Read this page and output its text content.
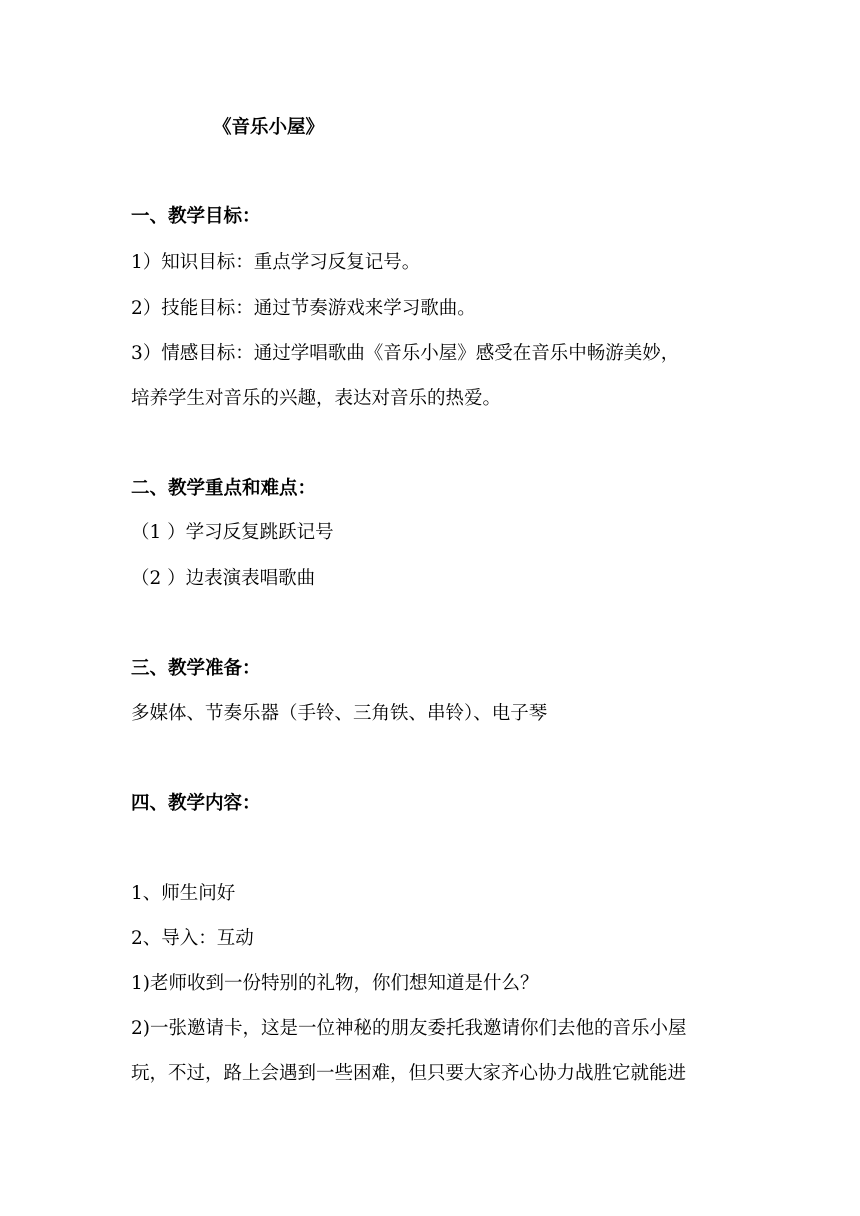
《音乐小屋》
一、教学目标：
1）知识目标：重点学习反复记号。
2）技能目标：通过节奏游戏来学习歌曲。
3）情感目标：通过学唱歌曲《音乐小屋》感受在音乐中畅游美妙，
培养学生对音乐的兴趣，表达对音乐的热爱。
二、教学重点和难点：
（1 ）学习反复跳跃记号
（2 ）边表演表唱歌曲
三、教学准备：
多媒体、节奏乐器（手铃、三角铁、串铃）、电子琴
四、教学内容：
1、师生问好
2、导入：互动
1)老师收到一份特别的礼物，你们想知道是什么？
2)一张邀请卡，这是一位神秘的朋友委托我邀请你们去他的音乐小屋
玩，不过，路上会遇到一些困难，但只要大家齐心协力战胜它就能进
